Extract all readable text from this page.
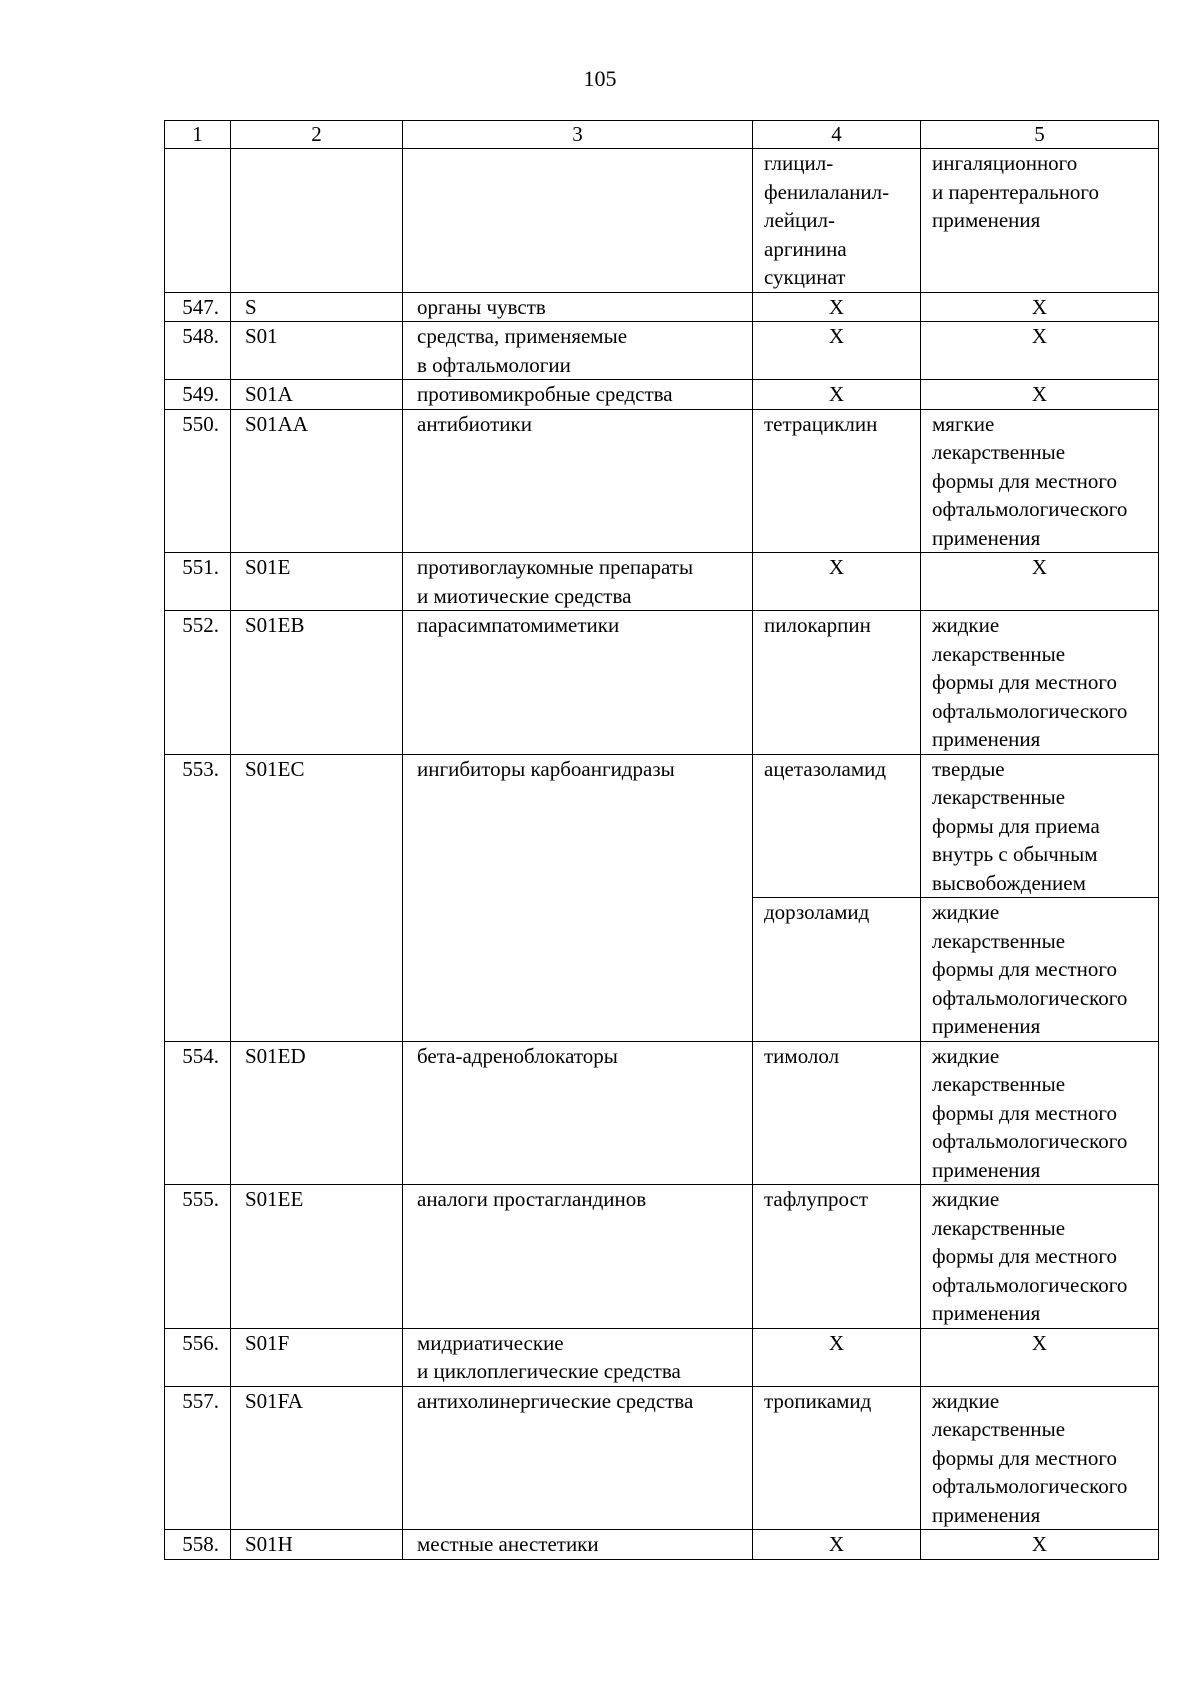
105
1	2	3	4	5

			глицил-
фенилаланил-
лейцил-
аргинина
сукцинат	ингаляционного
и парентерального
применения

547.	S	органы чувств	X	X
548.	S01	средства, применяемые
в офтальмологии	X	X
549.	S01A	противомикробные средства	X	X
550.	S01AA	антибиотики	тетрациклин	мягкие
лекарственные
формы для местного
офтальмологического
применения

551.	S01E	противоглаукомные препараты
и миотические средства	X	X
552.	S01EB	парасимпатомиметики	пилокарпин	жидкие
лекарственные
формы для местного
офтальмологического
применения

553.	S01EC	ингибиторы карбоангидразы	ацетазоламид	твердые
лекарственные
формы для приема
внутрь с обычным
высвобождением

			дорзоламид	жидкие
лекарственные
формы для местного
офтальмологического
применения

554.	S01ED	бета-адреноблокаторы	тимолол	жидкие
лекарственные
формы для местного
офтальмологического
применения

555.	S01EE	аналоги простагландинов	тафлупрост	жидкие
лекарственные
формы для местного
офтальмологического
применения

556.	S01F	мидриатические
и циклоплегические средства	X	X
557.	S01FA	антихолинергические средства	тропикамид	жидкие
лекарственные
формы для местного
офтальмологического
применения

558.	S01H	местные анестетики	X	X
